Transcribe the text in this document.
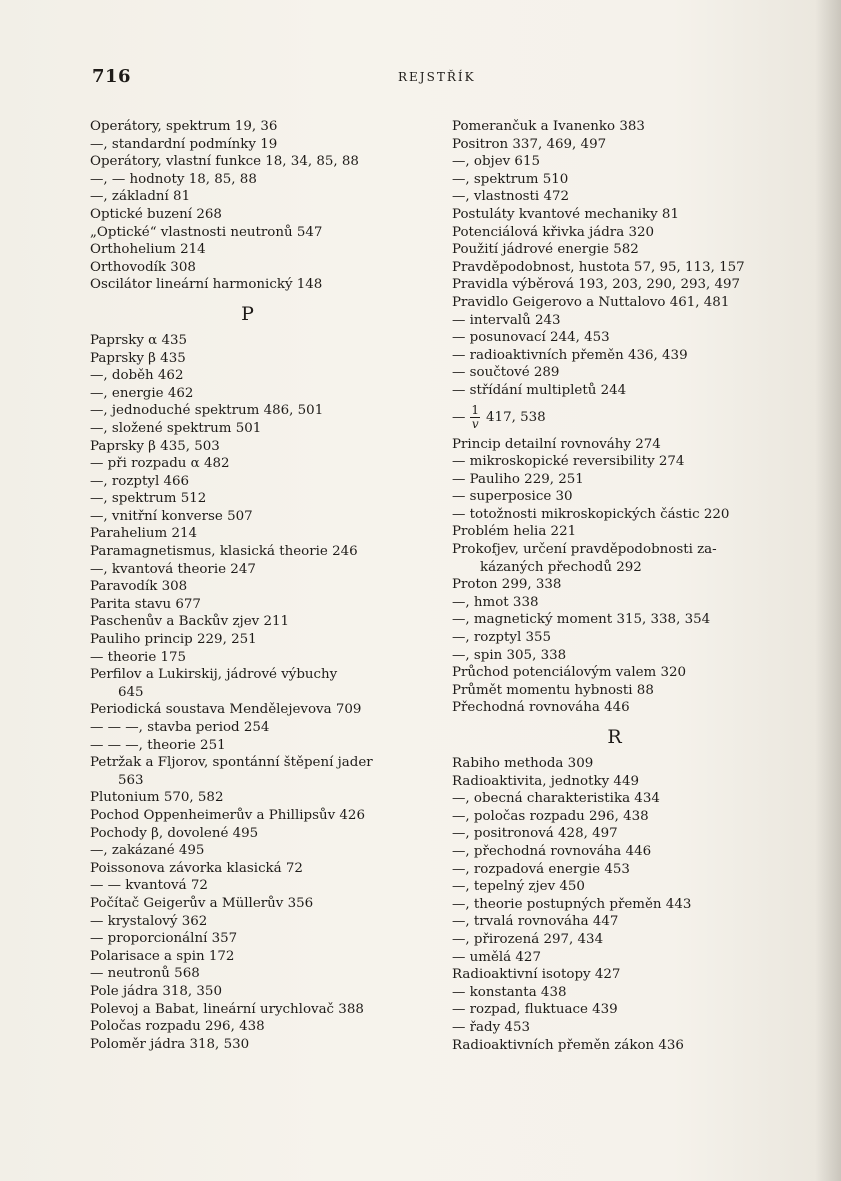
716	REJSTŘÍK
Operátory, spektrum 19, 36
—, standardní podmínky 19
Operátory, vlastní funkce 18, 34, 85, 88
—, — hodnoty 18, 85, 88
—, základní 81
Optické buzení 268
„Optické“ vlastnosti neutronů 547
Orthohelium 214
Orthovodík 308
Oscilátor lineární harmonický 148
P
Paprsky α 435
Paprsky β 435
—, doběh 462
—, energie 462
—, jednoduché spektrum 486, 501
—, složené spektrum 501
Paprsky β 435, 503
— při rozpadu α 482
—, rozptyl 466
—, spektrum 512
—, vnitřní konverse 507
Parahelium 214
Paramagnetismus, klasická theorie 246
—, kvantová theorie 247
Paravodík 308
Parita stavu 677
Paschenův a Backův zjev 211
Pauliho princip 229, 251
— theorie 175
Perfilov a Lukirskij, jádrové výbuchy
645
Periodická soustava Mendělejevova 709
— — —, stavba period 254
— — —, theorie 251
Petržak a Fljorov, spontánní štěpení jader
563
Plutonium 570, 582
Pochod Oppenheimerův a Phillipsův 426
Pochody β, dovolené 495
—, zakázané 495
Poissonova závorka klasická 72
— — kvantová 72
Počítač Geigerův a Müllerův 356
— krystalový 362
— proporcionální 357
Polarisace a spin 172
— neutronů 568
Pole jádra 318, 350
Polevoj a Babat, lineární urychlovač 388
Poločas rozpadu 296, 438
Poloměr jádra 318, 530
Pomerančuk a Ivanenko 383
Positron 337, 469, 497
—, objev 615
—, spektrum 510
—, vlastnosti 472
Postuláty kvantové mechaniky 81
Potenciálová křivka jádra 320
Použití jádrové energie 582
Pravděpodobnost, hustota 57, 95, 113, 157
Pravidla výběrová 193, 203, 290, 293, 497
Pravidlo Geigerovo a Nuttalovo 461, 481
— intervalů 243
— posunovací 244, 453
— radioaktivních přeměn 436, 439
— součtové 289
— střídání multipletů 244
— $\frac{1}{v} 417$, 538
Princip detailní rovnováhy 274
— mikroskopické reversibility 274
— Pauliho 229, 251
— superposice 30
— totožnosti mikroskopických částic 220
Problém helia 221
Prokofjev, určení pravděpodobnosti za-
kázaných přechodů 292
Proton 299, 338
—, hmot 338
—, magnetický moment 315, 338, 354
—, rozptyl 355
—, spin 305, 338
Průchod potenciálovým valem 320
Průmět momentu hybnosti 88
Přechodná rovnováha 446
R
Rabiho methoda 309
Radioaktivita, jednotky 449
—, obecná charakteristika 434
—, poločas rozpadu 296, 438
—, positronová 428, 497
—, přechodná rovnováha 446
—, rozpadová energie 453
—, tepelný zjev 450
—, theorie postupných přeměn 443
—, trvalá rovnováha 447
—, přirozená 297, 434
— umělá 427
Radioaktivní isotopy 427
— konstanta 438
— rozpad, fluktuace 439
— řady 453
Radioaktivních přeměn zákon 436
